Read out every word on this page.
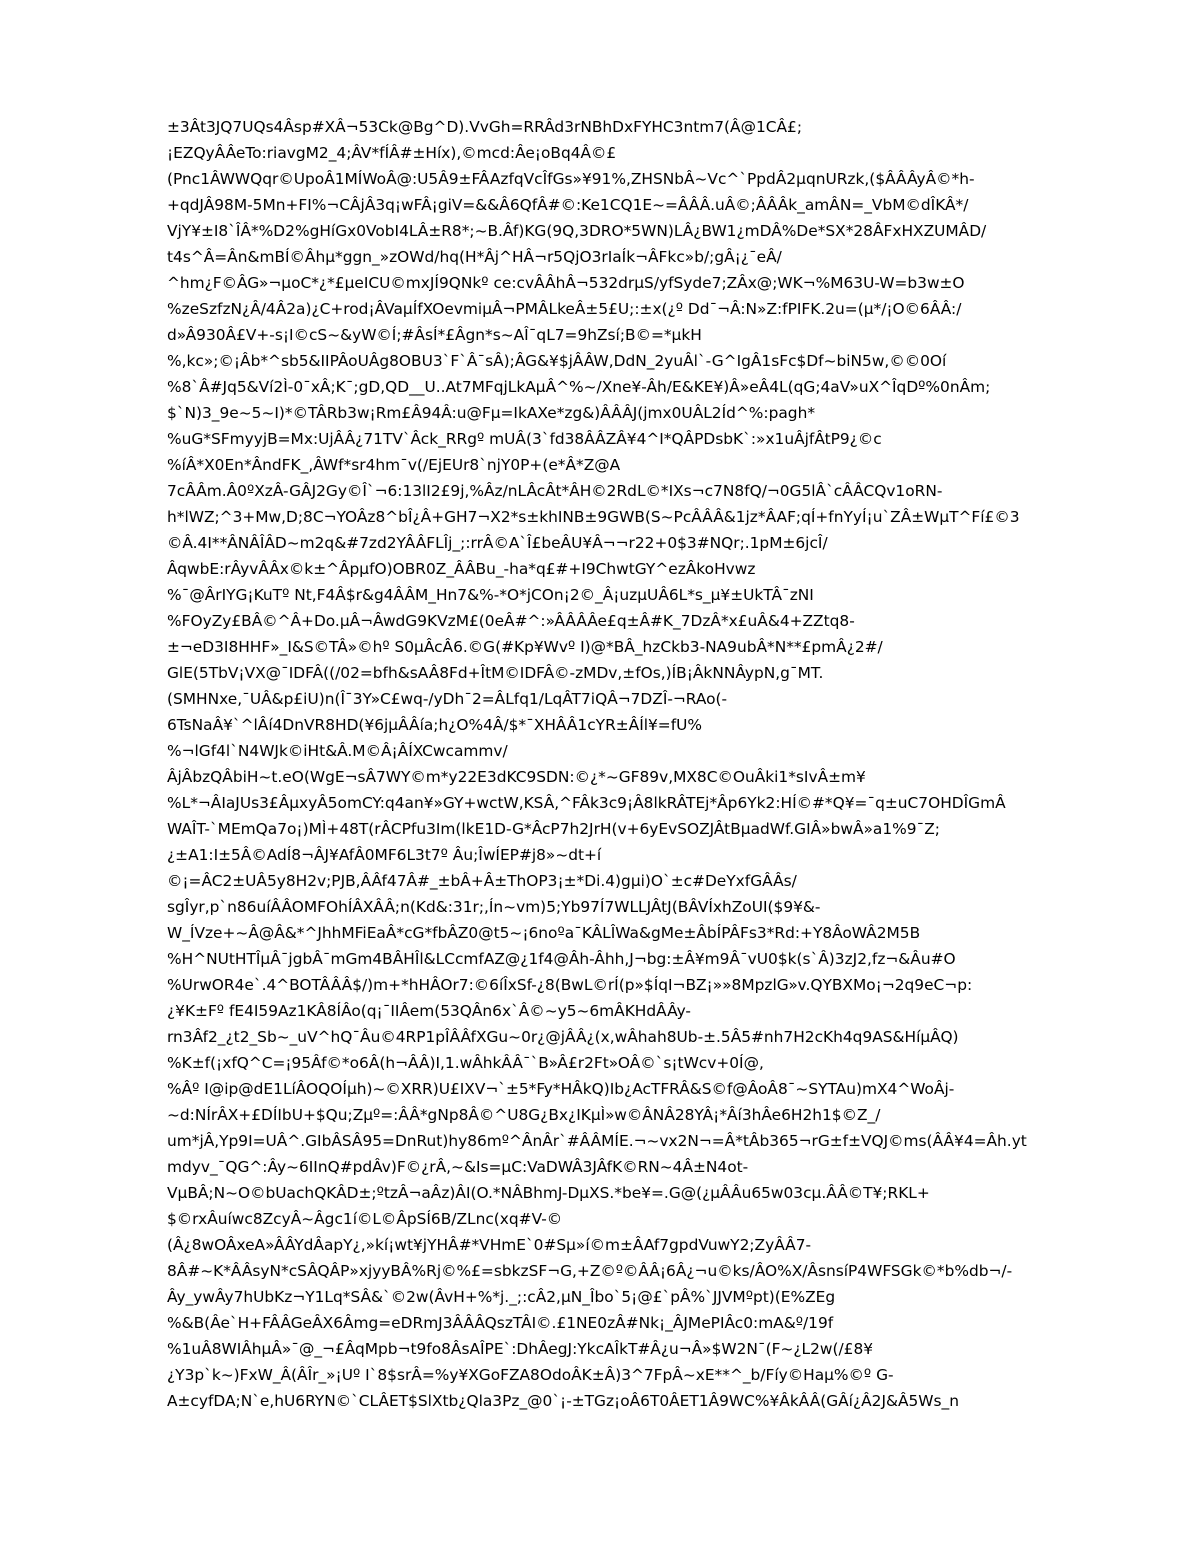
±3Ât3JQ7UQs4Âsp#XÂ¬53Ck@Bg^D).VvGh=RRÂd3rNBhDxFYHC3ntm7(Â@1CÂ£;
¡EZQyÂÂeTo:riavgM2_4;ÂV*fÍÂ#±Híx),©mcd:Âe¡oBq4Â©£
(Pnc1ÂWWQqr©UpoÂ1MÍWoÂ@:U5Â9±FÂAzfqVcÎfGs»¥91%,ZHSNbÂ~Vc^`PpdÂ2µqnURzk,($ÂÂÂyÂ©*h-
+qdJÂ98M-5Mn+FI%¬CÂjÂ3q¡wFÂ¡giV=&&Â6QfÂ#©:Ke1CQ1E~=ÂÂÂ.uÂ©;ÂÂÂk_amÂN=_VbM©dÎKÂ*/
VjY¥±I8`ÎÂ*%D2%gHíGx0VobI4LÂ±R8*;~B.Âf)KG(9Q,3DRO*5WN)LÂ¿BW1¿mDÂ%De*SX*28ÂFxHXZUMÂD/
t4s^Â=Ân&mBÍ©Âhµ*ggn_»zOWd/hq(H*Âj^HÂ¬r5QjO3rIaÍk¬ÂFkc»b/;gÂ¡¿¯eÂ/
^hm¿F©ÂG»¬µoC*¿*£µeICU©mxJÍ9QNkº ce:cvÂÂhÂ¬532drµS/yfSyde7;ZÂx@;WK¬%M63U-W=b3w±O
%zeSzfzN¿Â/4Â2a)¿C+rod¡ÂVaµÍfXOevmiµÂ¬PMÂLkeÂ±5£U;:±x(¿º Dd¯¬Â:N»Z:fPIFK.2u=(µ*/¡O©6ÂÂ:/
d»Â930Â£V+-s¡I©cS~&yW©Í;#ÂsÍ*£Âgn*s~AÎ¯qL7=9hZsí;B©=*µkH
%,kc»;©¡Âb*^sb5&IIPÂoUÂg8OBU3`F`Â¯sÂ);ÂG&¥$jÂÂW,DdN_2yuÂl`-G^IgÂ1sFc$Df~biN5w,©©0Oí
%8`Â#Jq5&Ví2Ì-0¯xÂ;K¯;gD,QD__U..At7MFqjLkAµÂ^%~/Xne¥-Âh/E&KE¥)Â»eÂ4L(qG;4aV»uX^ÎqDº%0nÂm;
$`N)3_9e~5~I)*©TÂRb3w¡Rm£Â94Â:u@Fµ=IkAXe*zg&)ÂÂÂJ(jmx0UÂL2Íd^%:pagh*
%uG*SFmyyjB=Mx:UjÂÂ¿71TV`Âck_RRgº mUÂ(3`fd38ÂÂZÂ¥4^I*QÂPDsbK`:»x1uÂjfÂtP9¿©c
%íÂ*X0En*ÂndFK_,ÂWf*sr4hm¯v(/EjEUr8`njY0P+(e*Â*Z@A
7cÂÂm.Â0ºXzÂ-GÂJ2Gy©Î`¬6:13lI2£9j,%Âz/nLÂcÂt*ÂH©2RdL©*IXs¬c7N8fQ/¬0G5lÂ`cÂÂCQv1oRN-
h*lWZ;^3+Mw,D;8C¬YOÂz8^bÎ¿Â+GH7¬X2*s±khINB±9GWB(S~PcÂÂÂ&1jz*ÂAF;qÍ+fnYyÍ¡u`ZÂ±WµT^Fí£©3
©Â.4I**ÂNÂÎÂD~m2q&#7zd2YÂÂFLÎj_;:rrÂ©A`Î£beÂU¥Â¬¬r22+0$3#NQr;.1pM±6jcÎ/
ÂqwbE:rÂyvÂÂx©k±^ÂpµfO)OBR0Z_ÂÂBu_-ha*q£#+I9ChwtGY^ezÂkoHvwz
%¯@ÂrIYG¡KuTº Nt,F4Â$r&g4ÂÂM_Hn7&%-*O*jCOn¡2©_Â¡uzµUÂ6L*s_µ¥±UkTÂ¯zNI
%FOyZy£BÂ©^Â+Do.µÂ¬ÂwdG9KVzM£(0eÂ#^:»ÂÂÂÂe£q±Â#K_7DzÂ*x£uÂ&4+ZZtq8-
±¬eD3I8HHF»_I&S©TÂ»©hº S0µÂcÂ6.©G(#Kp¥Wvº I)@*BÂ_hzCkb3-NA9ubÂ*N**£pmÂ¿2#/
GlE(5TbV¡VX@¯IDFÂ((/02=bfh&sAÂ8Fd+ÎtM©IDFÂ©-zMDv,±fOs,)ÍB¡ÂkNNÂypN,g¯MT.
(SMHNxe,¯UÂ&p£iU)n(Î¯3Y»C£wq-/yDh¯2=ÂLfq1/LqÂT7iQÂ¬7DZÎ-¬RAo(-
6TsNaÂ¥`^lÂí4DnVR8HD(¥6jµÂÂía;h¿O%4Â/$*¯XHÂÂ1cYR±ÂÍl¥=fU%
%¬lGf4l`N4WJk©iHt&Â.M©Â¡ÂÍXCwcammv/
ÂjÂbzQÂbiH~t.eO(WgE¬sÂ7WY©m*y22E3dKC9SDN:©¿*~GF89v,MX8C©OuÂki1*sIvÂ±m¥
%L*¬ÂIaJUs3£ÂµxyÂ5omCY:q4an¥»GY+wctW,KSÂ,^FÂk3c9¡Â8lkRÂTEj*Âp6Yk2:HÍ©#*Q¥=¯q±uC7OHDÎGmÂ
WAÎT-`MEmQa7o¡)MÌ+48T(rÂCPfu3Im(lkE1D-G*ÂcP7h2JrH(v+6yEvSOZJÂtBµadWf.GIÂ»bwÂ»a1%9¯Z;
¿±A1:I±5Â©AdÍ8¬ÂJ¥AfÂ0MF6L3t7º Âu;ÎwÍEP#j8»~dt+í
©¡=ÂC2±UÂ5y8H2v;PJB,ÂÂf47Â#_±bÂ+Â±ThOP3¡±*Di.4)gµi)O`±c#DeYxfGÂÂs/
sgÎyr,p`n86uíÂÂOMFOhÍÂXÂÂ;n(Kd&:31r;,Ín~vm)5;Yb97Í7WLLJÂtJ(BÂVÍxhZoUI($9¥&-
W_ÍVze+~Â@Â&*^JhhMFiEaÂ*cG*fbÂZ0@t5~¡6noºa¯KÂLÎWa&gMe±ÂbÍPÂFs3*Rd:+Y8ÂoWÂ2M5B
%H^NUtHTÎµÂ¯jgbÂ¯mGm4BÂHÎl&LCcmfAZ@¿1f4@Âh-Âhh,J¬bg:±Â¥m9Â¯vU0$k(s`Â)3zJ2,fz¬&Âu#O
%UrwOR4e`.4^BOTÂÂÂ$/)m+*hHÂOr7:©6íÎxSf-¿8(BwL©rÍ(p»$ÍqI¬BZ¡»»8MpzlG»v.QYBXMo¡¬2q9eC¬p:
¿¥K±Fº fE4I59Az1KÂ8ÍÂo(q¡¯IIÂem(53QÂn6x`Â©~y5~6mÂKHdÂÂy-
rn3Âf2_¿t2_Sb~_uV^hQ¯Âu©4RP1pÎÂÂfXGu~0r¿@jÂÂ¿(x,wÂhah8Ub-±.5Â5#nh7H2cKh4q9AS&HíµÂQ)
%K±f(¡xfQ^C=¡95Âf©*o6Â(h¬ÂÂ)I,1.wÂhkÂÂ¯`B»Â£r2Ft»OÂ©`s¡tWcv+0Í@,
%Âº I@ip@dE1LíÂOQOÍµh)~©XRR)U£IXV¬`±5*Fy*HÂkQ)Ib¿AcTFRÂ&S©f@ÂoÂ8¯~SYTAu)mX4^WoÂj-
~d:NÍrÂX+£DÍIbU+$Qu;Zµº=:ÂÂ*gNp8Â©^U8G¿Bx¿IKµÌ»w©ÂNÂ28YÂ¡*Âí3hÂe6H2h1$©Z_/
um*jÂ,Yp9I=UÂ^.GIbÂSÂ95=DnRut)hy86mº^ÂnÂr`#ÂÂMÍE.¬~vx2N¬=Â*tÂb365¬rG±f±VQJ©ms(ÂÂ¥4=Âh.yt
mdyv_¯QG^:Ây~6IInQ#pdÂv)F©¿rÂ,~&Is=µC:VaDWÂ3JÂfK©RN~4Â±N4ot-
VµBÂ;N~O©bUachQKÂD±;ºtzÂ¬aÂz)ÂI(O.*NÂBhmJ-DµXS.*be¥=.G@(¿µÂÂu65w03cµ.ÂÂ©T¥;RKL+
$©rxÂuíwc8ZcyÂ~Âgc1í©L©ÂpSÍ6B/ZLnc(xq#V-©
(Â¿8wOÂxeA»ÂÂYdÂapY¿,»kí¡wt¥jYHÂ#*VHmE`0#Sµ»í©m±ÂAf7gpdVuwY2;ZyÂÂ7-
8Â#~K*ÂÂsyN*cSÂQÂP»xjyyBÂ%Rj©%£=sbkzSF¬G,+Z©º©ÂÂ¡6Â¿¬u©ks/ÂO%X/ÂsnsíP4WFSGk©*b%db¬/-
Ây_ywÂy7hUbKz¬Y1Lq*SÂ&`©2w(ÂvH+%*j._;:cÂ2,µN_Îbo`5¡@£`pÂ%`JJVMºpt)(E%ZEg
%&B(Âe`H+FÂÂGeÂX6Âmg=eDRmJ3ÂÂÂQszTÂI©.£1NE0zÂ#Nk¡_ÂJMePIÂc0:mA&º/19f
%1uÂ8WIÂhµÂ»¯@_¬£ÂqMpb¬t9fo8ÂsAÎPE`:DhÂegJ:YkcAÎkT#Â¿u¬Â»$W2N¯(F~¿L2w(/£8¥
¿Y3p`k~)FxW_Â(ÂÎr_»¡Uº I`8$srÂ=%y¥XGoFZA8OdoÂK±Â)3^7FpÂ~xE**^_b/Fíy©Haµ%©º G-
A±cyfDA;N`e,hU6RYN©`CLÂET$SlXtb¿Qla3Pz_@0`¡-±TGz¡oÂ6T0ÂET1Â9WC%¥ÂkÂÂ(GÂí¿Â2J&Â5Ws_n
